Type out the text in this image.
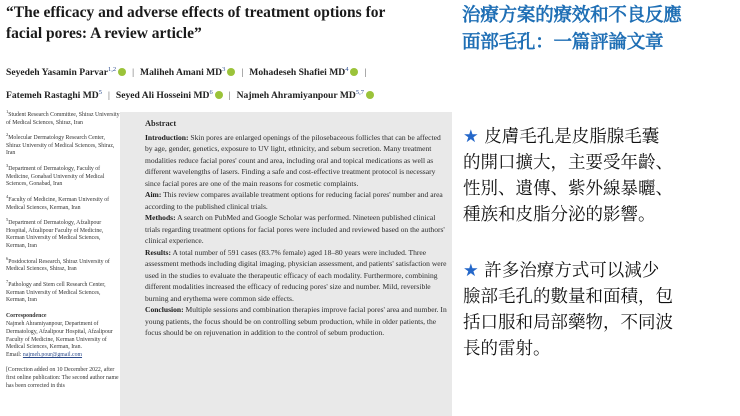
“The efficacy and adverse effects of treatment options for
facial pores: A review article”
Seyedeh Yasamin Parvar$^{1,2}$ | Maliheh Amani $MD^3$ | Mohadeseh Shafiei $MD^4$ |
Fatemeh Rastaghi $MD^5$ | Seyed Ali Hosseini $MD^6$ | Najmeh Ahramiyanpour MD$^{5,7}$
$^1$Student Research Committee, Shiraz University of Medical Sciences, Shiraz, Iran
$^2$Molecular Dermatology Research Center, Shiraz University of Medical Sciences, Shiraz, Iran
$^3$Department of Dermatology, Faculty of Medicine, Gonabad University of Medical Sciences, Gonabad, Iran
$^4$Faculty of Medicine, Kerman University of Medical Sciences, Kerman, Iran
$^5$Department of Dermatology, Afzalipour Hospital, Afzalipour Faculty of Medicine, Kerman University of Medical Sciences, Kerman, Iran
$^6$Postdoctoral Research, Shiraz University of Medical Sciences, Shiraz, Iran
$^7$Pathology and Stem cell Research Center, Kerman University of Medical Sciences, Kerman, Iran
Correspondence
Najmeh Ahramiyanpour, Department of Dermatology, Afzalipour Hospital, Afzalipour Faculty of Medicine, Kerman University of Medical Sciences, Kerman, Iran.
Email: najmeh.pour@gmail.com
[Correction added on 10 December 2022, after first online publication: The second author name has been corrected in this
Abstract
Introduction: Skin pores are enlarged openings of the pilosebaceous follicles that can be affected by age, gender, genetics, exposure to UV light, ethnicity, and sebum secretion. Many treatment modalities reduce facial pores' count and area, including oral and topical medications as well as different wavelengths of lasers. Finding a safe and cost-effective treatment protocol is necessary since facial pores are one of the main reasons for cosmetic complaints.
Aim: This review compares available treatment options for reducing facial pores' number and area according to the published clinical trials.
Methods: A search on PubMed and Google Scholar was performed. Nineteen published clinical trials regarding treatment options for facial pores were included and reviewed based on the authors' clinical experience.
Results: A total number of 591 cases (83.7% female) aged 18–80 years were included. Three assessment methods including digital imaging, physician assessment, and patients' satisfaction were used in the studies to evaluate the therapeutic efficacy of each modality. Furthermore, combining different modalities increased the efficacy of reducing pores' size and number. Mild, reversible burning and erythema were common side effects.
Conclusion: Multiple sessions and combination therapies improve facial pores' area and number. In young patients, the focus should be on controlling sebum production, while in older patients, the focus should be on rejuvenation in addition to the control of sebum production.
治療方案的療效和不良反應
面部毛孔：一篇評論文章
★ 皮膚毛孔是皮脂腺毛囊
的開口擴大，主要受年齡、
性別、遺傳、紫外線暴曬、
種族和皮脂分泌的影響。
★ 許多治療方式可以減少
臉部毛孔的數量和面積，包
括口服和局部藥物，不同波
長的雷射。
